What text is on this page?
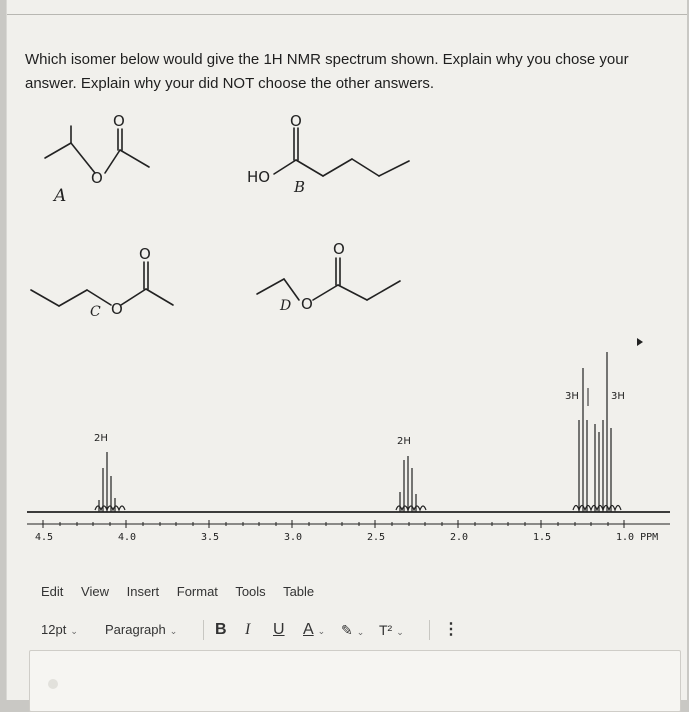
Which isomer below would give the 1H NMR spectrum shown. Explain why you chose your answer. Explain why your did NOT choose the other answers.
O
O
A
O
HO
B
O
O
C
O
O
D
4.5	4.0	3.5	3.0	2.5	2.0	1.5	1.0 PPM
2H	2H
3H	3H
Edit View Insert Format Tools Table
12pt ⌄ Paragraph ⌄ B I U A ⌄ ✎ ⌄ T² ⌄ ⋮
